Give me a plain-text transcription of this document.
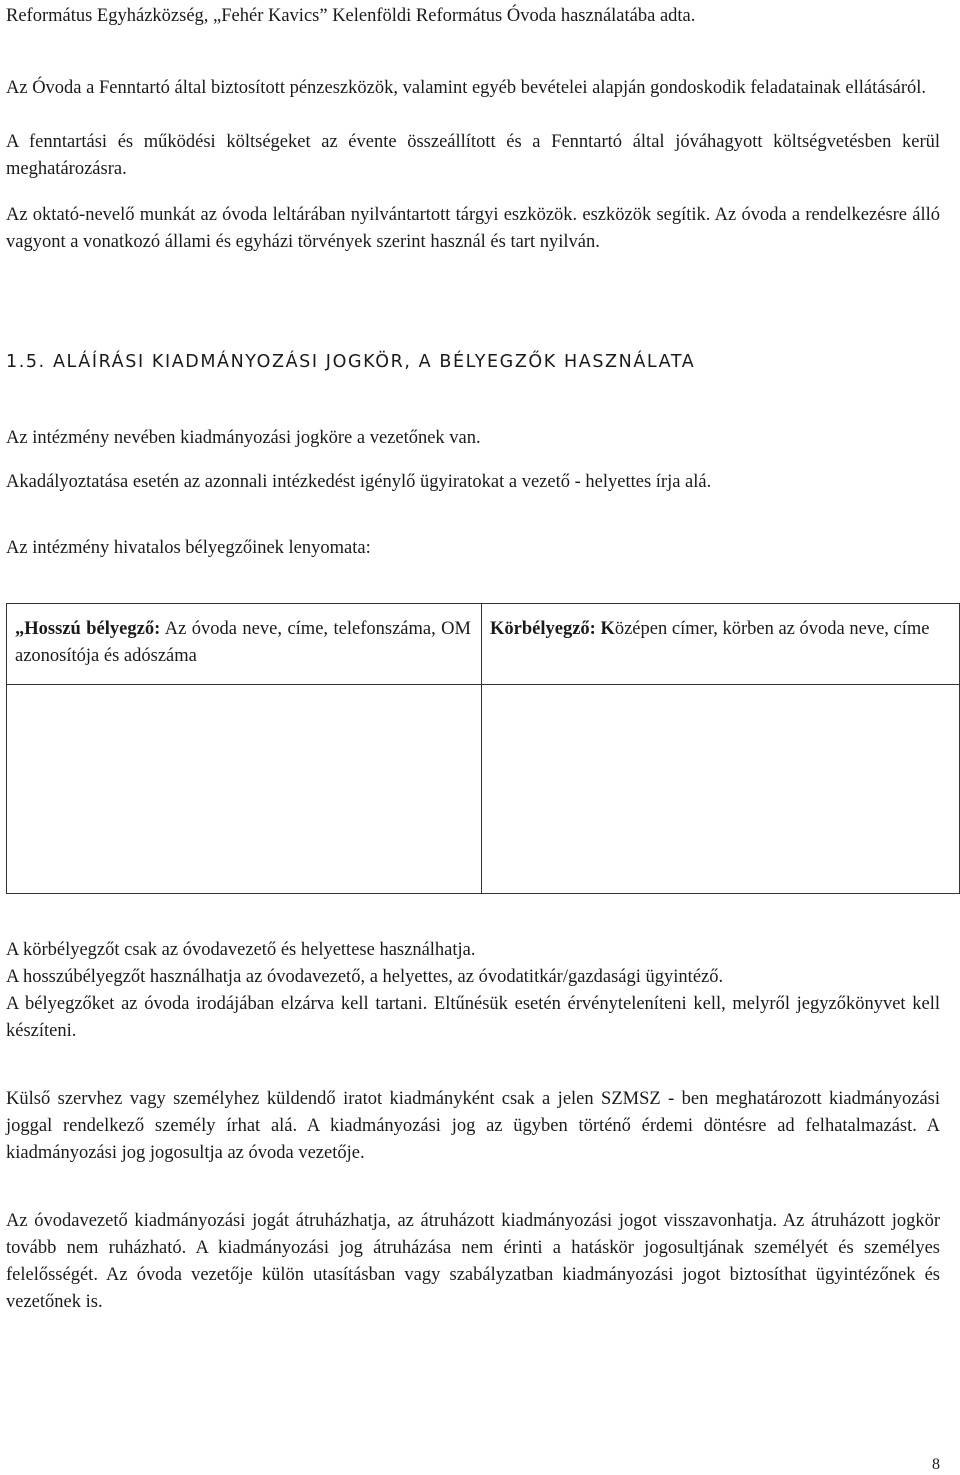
Református Egyházközség, „Fehér Kavics” Kelenföldi Református Óvoda használatába adta.

Az Óvoda a Fenntartó által biztosított pénzeszközök, valamint egyéb bevételei alapján gondoskodik feladatainak ellátásáról.

A fenntartási és működési költségeket az évente összeállított és a Fenntartó által jóváhagyott költségvetésben kerül meghatározásra.

Az oktató-nevelő munkát az óvoda leltárában nyilvántartott tárgyi eszközök. eszközök segítik. Az óvoda a rendelkezésre álló vagyont a vonatkozó állami és egyházi törvények szerint használ és tart nyilván.

1.5. ALÁÍRÁSI KIADMÁNYOZÁSI JOGKÖR, A BÉLYEGZŐK HASZNÁLATA

Az intézmény nevében kiadmányozási jogköre a vezetőnek van.

Akadályoztatása esetén az azonnali intézkedést igénylő ügyiratokat a vezető - helyettes írja alá.

Az intézmény hivatalos bélyegzőinek lenyomata:

„Hosszú bélyegző: Az óvoda neve, címe, telefonszáma, OM azonosítója és adószáma	Körbélyegző: Középen címer, körben az óvoda neve, címe

A körbélyegzőt csak az óvodavezető és helyettese használhatja.

A hosszúbélyegzőt használhatja az óvodavezető, a helyettes, az óvodatitkár/gazdasági ügyintéző.

A bélyegzőket az óvoda irodájában elzárva kell tartani. Eltűnésük esetén érvényteleníteni kell, melyről jegyzőkönyvet kell készíteni.

Külső szervhez vagy személyhez küldendő iratot kiadmányként csak a jelen SZMSZ - ben meghatározott kiadmányozási joggal rendelkező személy írhat alá. A kiadmányozási jog az ügyben történő érdemi döntésre ad felhatalmazást. A kiadmányozási jog jogosultja az óvoda vezetője.

Az óvodavezető kiadmányozási jogát átruházhatja, az átruházott kiadmányozási jogot visszavonhatja. Az átruházott jogkör tovább nem ruházható. A kiadmányozási jog átruházása nem érinti a hatáskör jogosultjának személyét és személyes felelősségét. Az óvoda vezetője külön utasításban vagy szabályzatban kiadmányozási jogot biztosíthat ügyintézőnek és vezetőnek is.

8
